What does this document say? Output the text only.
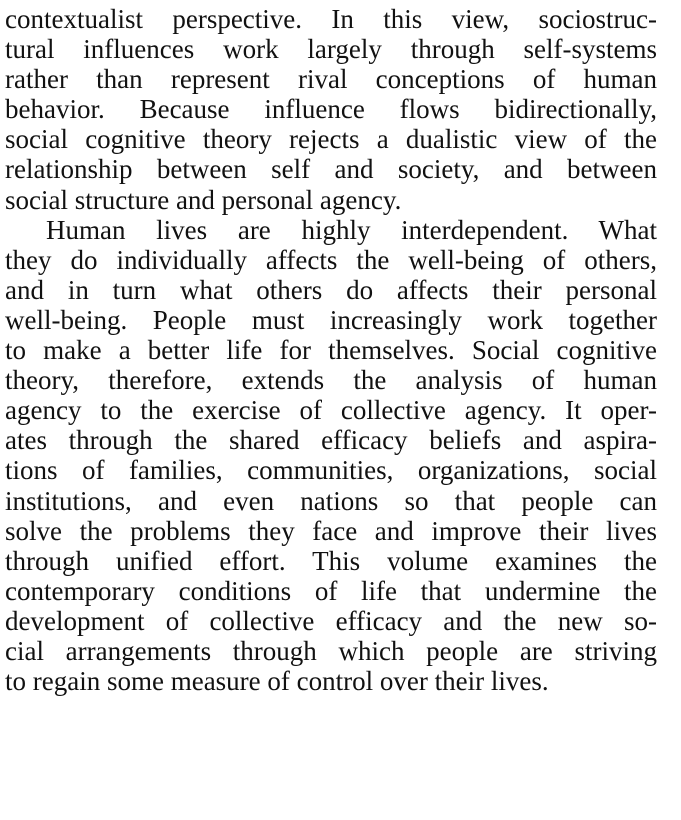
contextualist perspective. In this view, sociostruc-
tural influences work largely through self-systems
rather than represent rival conceptions of human
behavior. Because influence flows bidirectionally,
social cognitive theory rejects a dualistic view of the
relationship between self and society, and between
social structure and personal agency.

Human lives are highly interdependent. What
they do individually affects the well-being of others,
and in turn what others do affects their personal
well-being. People must increasingly work together
to make a better life for themselves. Social cognitive
theory, therefore, extends the analysis of human
agency to the exercise of collective agency. It oper-
ates through the shared efficacy beliefs and aspira-
tions of families, communities, organizations, social
institutions, and even nations so that people can
solve the problems they face and improve their lives
through unified effort. This volume examines the
contemporary conditions of life that undermine the
development of collective efficacy and the new so-
cial arrangements through which people are striving
to regain some measure of control over their lives.
